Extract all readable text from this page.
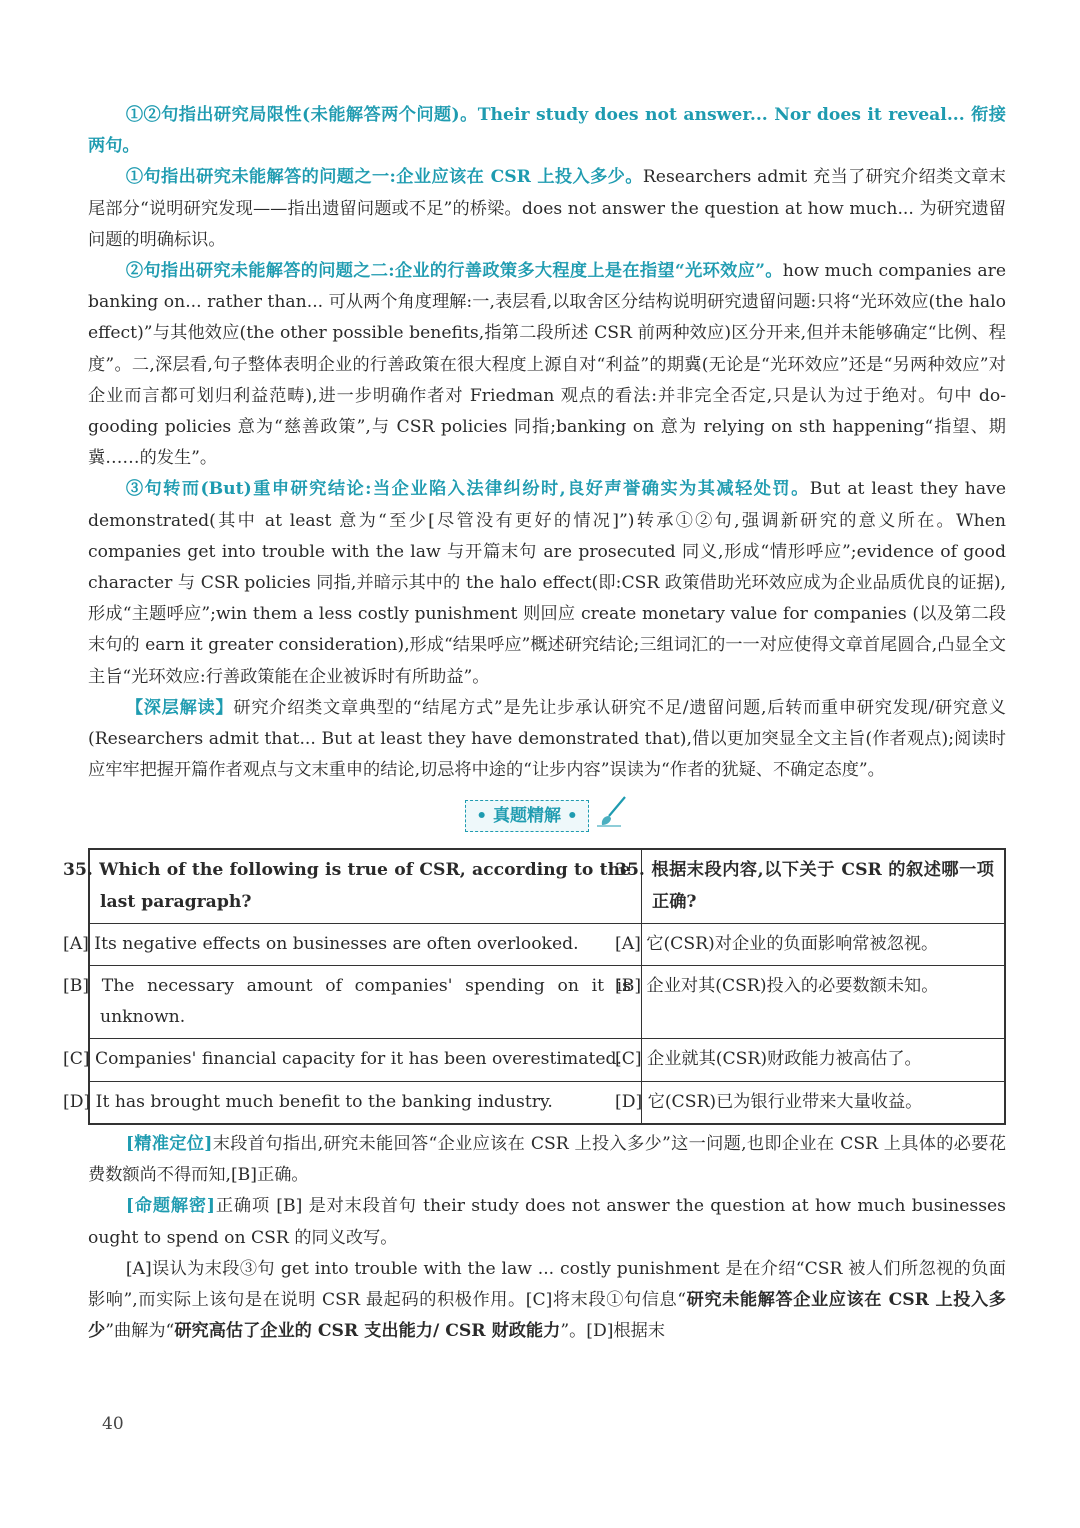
①②句指出研究局限性(未能解答两个问题)。Their study does not answer... Nor does it reveal... 衔接两句。

①句指出研究未能解答的问题之一:企业应该在 CSR 上投入多少。Researchers admit 充当了研究介绍类文章末尾部分“说明研究发现——指出遗留问题或不足”的桥梁。does not answer the question at how much... 为研究遗留问题的明确标识。

②句指出研究未能解答的问题之二:企业的行善政策多大程度上是在指望“光环效应”。how much companies are banking on... rather than... 可从两个角度理解:一,表层看,以取舍区分结构说明研究遗留问题:只将“光环效应(the halo effect)”与其他效应(the other possible benefits,指第二段所述 CSR 前两种效应)区分开来,但并未能够确定“比例、程度”。二,深层看,句子整体表明企业的行善政策在很大程度上源自对“利益”的期冀(无论是“光环效应”还是“另两种效应”对企业而言都可划归利益范畴),进一步明确作者对 Friedman 观点的看法:并非完全否定,只是认为过于绝对。句中 do-gooding policies 意为“慈善政策”,与 CSR policies 同指;banking on 意为 relying on sth happening“指望、期冀……的发生”。

③句转而(But)重申研究结论:当企业陷入法律纠纷时,良好声誉确实为其减轻处罚。But at least they have demonstrated(其中 at least 意为“至少[尽管没有更好的情况]”)转承①②句,强调新研究的意义所在。When companies get into trouble with the law 与开篇末句 are prosecuted 同义,形成“情形呼应”;evidence of good character 与 CSR policies 同指,并暗示其中的 the halo effect(即:CSR 政策借助光环效应成为企业品质优良的证据),形成“主题呼应”;win them a less costly punishment 则回应 create monetary value for companies (以及第二段末句的 earn it greater consideration),形成“结果呼应”概述研究结论;三组词汇的一一对应使得文章首尾圆合,凸显全文主旨“光环效应:行善政策能在企业被诉时有所助益”。

【深层解读】研究介绍类文章典型的“结尾方式”是先让步承认研究不足/遗留问题,后转而重申研究发现/研究意义(Researchers admit that... But at least they have demonstrated that),借以更加突显全文主旨(作者观点);阅读时应牢牢把握开篇作者观点与文末重申的结论,切忌将中途的“让步内容”误读为“作者的犹疑、不确定态度”。

• 真题精解 •
35. Which of the following is true of CSR, according to the last paragraph?	35. 根据末段内容,以下关于 CSR 的叙述哪一项正确?
[A] Its negative effects on businesses are often overlooked.	[A] 它(CSR)对企业的负面影响常被忽视。
[B] The necessary amount of companies' spending on it is unknown.	[B] 企业对其(CSR)投入的必要数额未知。
[C] Companies' financial capacity for it has been overestimated.	[C] 企业就其(CSR)财政能力被高估了。
[D] It has brought much benefit to the banking industry.	[D] 它(CSR)已为银行业带来大量收益。

[精准定位]末段首句指出,研究未能回答“企业应该在 CSR 上投入多少”这一问题,也即企业在 CSR 上具体的必要花费数额尚不得而知,[B]正确。

[命题解密]正确项 [B] 是对末段首句 their study does not answer the question at how much businesses ought to spend on CSR 的同义改写。

[A]误认为末段③句 get into trouble with the law ... costly punishment 是在介绍“CSR 被人们所忽视的负面影响”,而实际上该句是在说明 CSR 最起码的积极作用。[C]将末段①句信息“研究未能解答企业应该在 CSR 上投入多少”曲解为“研究高估了企业的 CSR 支出能力/ CSR 财政能力”。[D]根据末

40
